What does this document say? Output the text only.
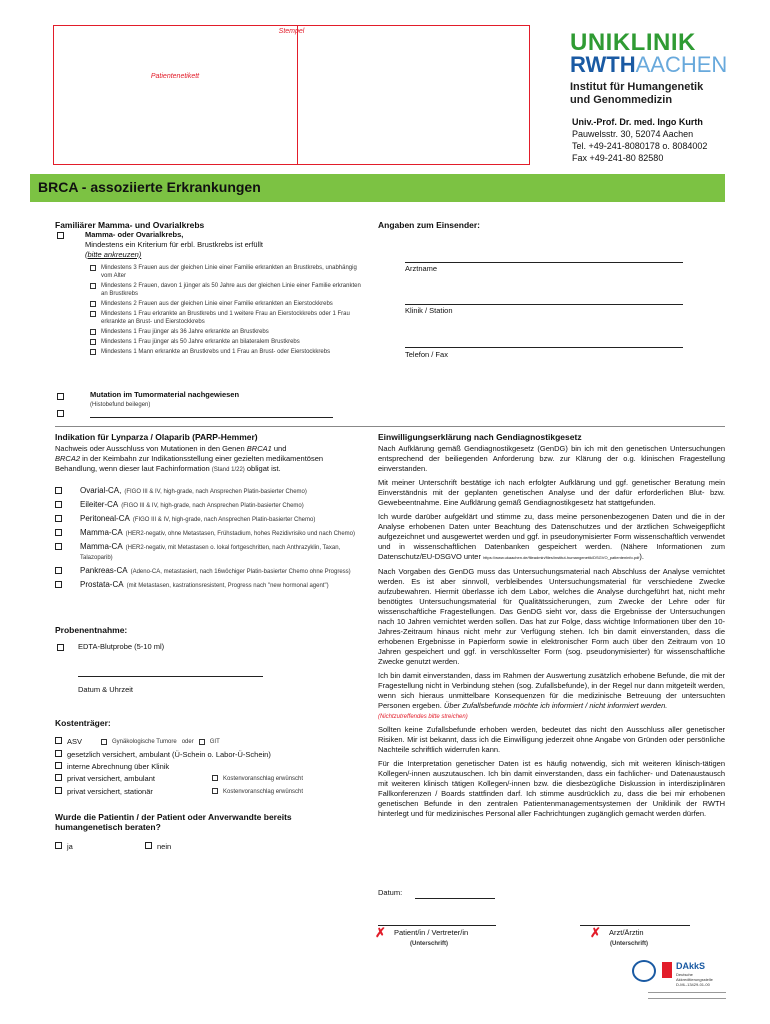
Stempel
Patientenetikett
UNIKLINIK
RWTHAACHEN
Institut für Humangenetik
und Genommedizin
Univ.-Prof. Dr. med. Ingo Kurth
Pauwelsstr. 30, 52074 Aachen
Tel. +49-241-8080178 o. 8084002
Fax +49-241-80 82580
BRCA - assoziierte Erkrankungen
Familiärer Mamma- und Ovarialkrebs
Mamma- oder Ovarialkrebs,
Mindestens ein Kriterium für erbl. Brustkrebs ist erfüllt
(bitte ankreuzen)
Mindestens 3 Frauen aus der gleichen Linie einer Familie erkrankten an Brustkrebs, unabhängig vom Alter
Mindestens 2 Frauen, davon 1 jünger als 50 Jahre aus der gleichen Linie einer Familie erkrankten an Brustkrebs
Mindestens 2 Frauen aus der gleichen Linie einer Familie erkrankten an Eierstockkrebs
Mindestens 1 Frau erkrankte an Brustkrebs und 1 weitere Frau an Eierstockkrebs oder 1 Frau erkrankte an Brust- und Eierstockkrebs
Mindestens 1 Frau jünger als 36 Jahre erkrankte an Brustkrebs
Mindestens 1 Frau jünger als 50 Jahre erkrankte an bilateralem Brustkrebs
Mindestens 1 Mann erkrankte an Brustkrebs und 1 Frau an Brust- oder Eierstockkrebs
Mutation im Tumormaterial nachgewiesen
(Histobefund beilegen)
Angaben zum Einsender:
Arztname
Klinik / Station
Telefon / Fax
Indikation für Lynparza / Olaparib (PARP-Hemmer)
Nachweis oder Ausschluss von Mutationen in den Genen BRCA1 und
BRCA2 in der Keimbahn zur Indikationsstellung einer gezielten medikamentösen Behandlung, wenn dieser laut Fachinformation (Stand 1/22) obligat ist.
Ovarial-CA, (FIGO III & IV, high-grade, nach Ansprechen Platin-basierter Chemo)
Eileiter-CA (FIGO III & IV, high-grade, nach Ansprechen Platin-basierter Chemo)
Peritoneal-CA (FIGO III & IV, high-grade, nach Ansprechen Platin-basierter Chemo)
Mamma-CA (HER2-negativ, ohne Metastasen, Frühstadium, hohes Rezidivrisiko und nach Chemo)
Mamma-CA (HER2-negativ, mit Metastasen o. lokal fortgeschritten, nach Anthrazyklin, Taxan, Talazoparib)
Pankreas-CA (Adeno-CA, metastasiert, nach 16wöchiger Platin-basierter Chemo ohne Progress)
Prostata-CA (mit Metastasen, kastrationsresistent, Progress nach "new hormonal agent")
Probenentnahme:
EDTA-Blutprobe (5-10 ml)
Datum & Uhrzeit
Kostenträger:
ASV	Gynäkologische Tumore oder	GIT
gesetzlich versichert, ambulant (Ü-Schein o. Labor-Ü-Schein)
interne Abrechnung über Klinik
privat versichert, ambulant
privat versichert, stationär
Kostenvoranschlag erwünscht
Kostenvoranschlag erwünscht
Wurde die Patientin / der Patient oder Anverwandte bereits humangenetisch beraten?
ja	nein
Einwilligungserklärung nach Gendiagnostikgesetz

Nach Aufklärung gemäß Gendiagnostikgesetz (GenDG) bin ich mit den genetischen Untersuchungen entsprechend der beiliegenden Anforderung bzw. zur Klärung der o.g. klinischen Fragestellung einverstanden.

Mit meiner Unterschrift bestätige ich nach erfolgter Aufklärung und ggf. genetischer Beratung mein Einverständnis mit der geplanten genetischen Analyse und der dafür erforderlichen Blut- bzw. Gewebeentnahme. Eine Aufklärung gemäß Gendiagnostikgesetz hat stattgefunden.

Ich wurde darüber aufgeklärt und stimme zu, dass meine personenbezogenen Daten und die in der Analyse erhobenen Daten unter Beachtung des Datenschutzes und der ärztlichen Schweigepflicht aufgezeichnet und ausgewertet werden und ggf. in pseudonymisierter Form wissenschaftlich verwendet und in wissenschaftlichen Datenbanken gespeichert werden. (Nähere Informationen zum Datenschutz/EU-DSGVO unter https://www.ukaachen.de/fileadmin/files/institut-humangenetik/DSGVO_patienteninfo.pdf).

Nach Vorgaben des GenDG muss das Untersuchungsmaterial nach Abschluss der Analyse vernichtet werden. Es ist aber sinnvoll, verbleibendes Untersuchungsmaterial für verschiedene Zwecke aufzubewahren. Hiermit überlasse ich dem Labor, welches die Analyse durchgeführt hat, nicht mehr benötigtes Untersuchungsmaterial für Qualitätssicherungen, zum Zwecke der Lehre oder für wissenschaftliche Fragestellungen. Das GenDG sieht vor, dass die Ergebnisse der Untersuchungen nach 10 Jahren vernichtet werden sollen. Das hat zur Folge, dass wichtige Informationen über den 10-Jahres-Zeitraum hinaus nicht mehr zur Verfügung stehen. Ich bin damit einverstanden, dass die erhobenen Ergebnisse in Papierform sowie in elektronischer Form auch über den Zeitraum von 10 Jahren gespeichert und ggf. in verschlüsselter Form (sog. pseudonymisierter) für wissenschaftliche Zwecke genutzt werden.

Ich bin damit einverstanden, dass im Rahmen der Auswertung zusätzlich erhobene Befunde, die mit der Fragestellung nicht in Verbindung stehen (sog. Zufallsbefunde), in der Regel nur dann mitgeteilt werden, wenn sich hieraus unmittelbare Konsequenzen für die medizinische Betreuung der untersuchten Personen ergeben. Über Zufallsbefunde möchte ich informiert / nicht informiert werden.
(Nichtzutreffendes bitte streichen)

Sollten keine Zufallsbefunde erhoben werden, bedeutet das nicht den Ausschluss aller genetischer Risiken. Mir ist bekannt, dass ich die Einwilligung jederzeit ohne Angabe von Gründen oder persönliche Nachteile schriftlich widerrufen kann.

Für die Interpretation genetischer Daten ist es häufig notwendig, sich mit weiteren klinisch-tätigen Kollegen/-innen auszutauschen. Ich bin damit einverstanden, dass ein fachlicher- und Datenaustausch mit weiteren klinisch tätigen Kollegen/-innen bzw. die diesbezügliche Diskussion in interdisziplinären Fallkonferenzen / Boards stattfinden darf. Ich stimme ausdrücklich zu, dass die bei mir erhobenen genetischen Befunde in den zentralen Patientenmanagementsystemen der Uniklinik der RWTH hinterlegt und für medizinisches Personal aller Fachrichtungen zugänglich gemacht werden dürfen.

Datum:
✗ Patient/in / Vertreter/in
(Unterschrift)
✗ Arzt/Ärztin
(Unterschrift)
DAkkS
Deutsche
Akkreditierungsstelle
D-ML-13429-01-00
